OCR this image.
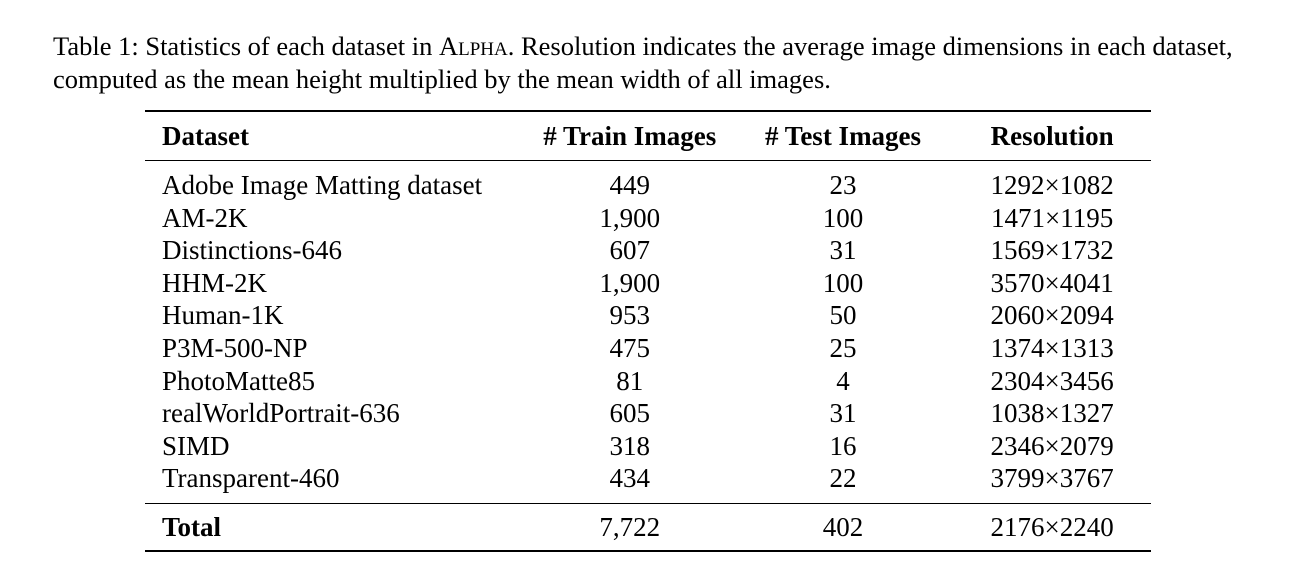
Table 1: Statistics of each dataset in Alpha. Resolution indicates the average image dimensions in each dataset, computed as the mean height multiplied by the mean width of all images.

Dataset	# Train Images	# Test Images	Resolution
Adobe Image Matting dataset	449	23	1292×1082
AM-2K	1,900	100	1471×1195
Distinctions-646	607	31	1569×1732
HHM-2K	1,900	100	3570×4041
Human-1K	953	50	2060×2094
P3M-500-NP	475	25	1374×1313
PhotoMatte85	81	4	2304×3456
realWorldPortrait-636	605	31	1038×1327
SIMD	318	16	2346×2079
Transparent-460	434	22	3799×3767
Total	7,722	402	2176×2240
